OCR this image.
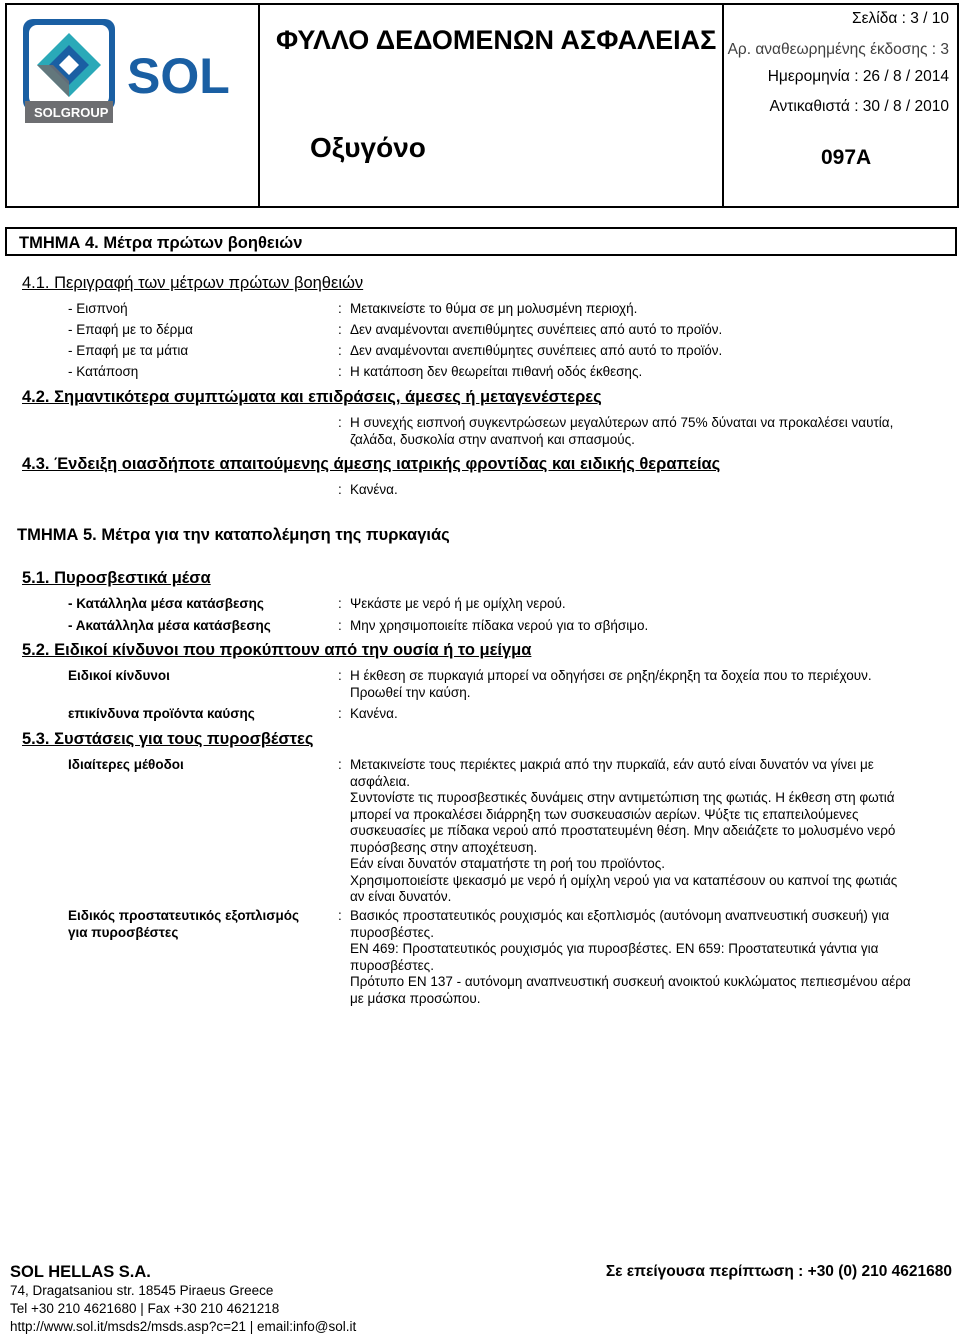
SOL
SOLGROUP
ΦΥΛΛΟ ΔΕΔΟΜΕΝΩΝ ΑΣΦΑΛΕΙΑΣ
Οξυγόνο
Σελίδα : 3 / 10
Αρ. αναθεωρημένης έκδοσης : 3
Ημερομηνία : 26 / 8 / 2014
Αντικαθιστά : 30 / 8 / 2010
097A
ΤΜΗΜΑ 4. Μέτρα πρώτων βοηθειών
4.1. Περιγραφή των μέτρων πρώτων βοηθειών
- Εισπνοή	: Μετακινείστε το θύμα σε μη μολυσμένη περιοχή.
- Επαφή με το δέρμα	: Δεν αναμένονται ανεπιθύμητες συνέπειες από αυτό το προϊόν.
- Επαφή με τα μάτια	: Δεν αναμένονται ανεπιθύμητες συνέπειες από αυτό το προϊόν.
- Κατάποση	: Η κατάποση δεν θεωρείται πιθανή οδός έκθεσης.
4.2. Σημαντικότερα συμπτώματα και επιδράσεις, άμεσες ή μεταγενέστερες
: Η συνεχής εισπνοή συγκεντρώσεων μεγαλύτερων από 75% δύναται να προκαλέσει ναυτία,

ζαλάδα, δυσκολία στην αναπνοή και σπασμούς.

4.3. Ένδειξη οιασδήποτε απαιτούμενης άμεσης ιατρικής φροντίδας και ειδικής θεραπείας
: Κανένα.
ΤΜΗΜΑ 5. Μέτρα για την καταπολέμηση της πυρκαγιάς
5.1. Πυροσβεστικά μέσα
- Κατάλληλα μέσα κατάσβεσης	: Ψεκάστε με νερό ή με ομίχλη νερού.
- Ακατάλληλα μέσα κατάσβεσης	: Μην χρησιμοποιείτε πίδακα νερού για το σβήσιμο.
5.2. Ειδικοί κίνδυνοι που προκύπτουν από την ουσία ή το μείγμα
Ειδικοί κίνδυνοι	: Η έκθεση σε πυρκαγιά μπορεί να οδηγήσει σε ρηξη/έκρηξη τα δοχεία που το περιέχουν.

Προωθεί την καύση.

επικίνδυνα προϊόντα καύσης	: Κανένα.
5.3. Συστάσεις για τους πυροσβέστες
Ιδιαίτερες μέθοδοι	: Μετακινείστε τους περιέκτες μακριά από την πυρκαϊά, εάν αυτό είναι δυνατόν να γίνει με

ασφάλεια.

Συντονίστε τις πυροσβεστικές δυνάμεις στην αντιμετώπιση της φωτιάς. Η έκθεση στη φωτιά

μπορεί να προκαλέσει διάρρηξη των συσκευασιών αερίων. Ψύξτε τις επαπειλούμενες

συσκευασίες με πίδακα νερού από προστατευμένη θέση. Μην αδειάζετε το μολυσμένο νερό

πυρόσβεσης στην αποχέτευση.

Εάν είναι δυνατόν σταματήστε τη ροή του προϊόντος.

Χρησιμοποιείστε ψεκασμό με νερό ή ομίχλη νερού για να καταπέσουν ου καπνοί της φωτιάς

αν είναι δυνατόν.

Ειδικός προστατευτικός εξοπλισμός

για πυροσβέστες

: Βασικός προστατευτικός ρουχισμός και εξοπλισμός (αυτόνομη αναπνευστική συσκευή) για

πυροσβέστες.

EN 469: Προστατευτικός ρουχισμός για πυροσβέστες. EN 659: Προστατευτικά γάντια για

πυροσβέστες.

Πρότυπο EN 137 - αυτόνομη αναπνευστική συσκευή ανοικτού κυκλώματος πεπιεσμένου αέρα

με μάσκα προσώπου.

SOL HELLAS S.A.
74, Dragatsaniou str. 18545 Piraeus Greece
Tel +30 210 4621680 | Fax +30 210 4621218
http://www.sol.it/msds2/msds.asp?c=21 | email:info@sol.it
Σε επείγουσα περίπτωση : +30 (0) 210 4621680
